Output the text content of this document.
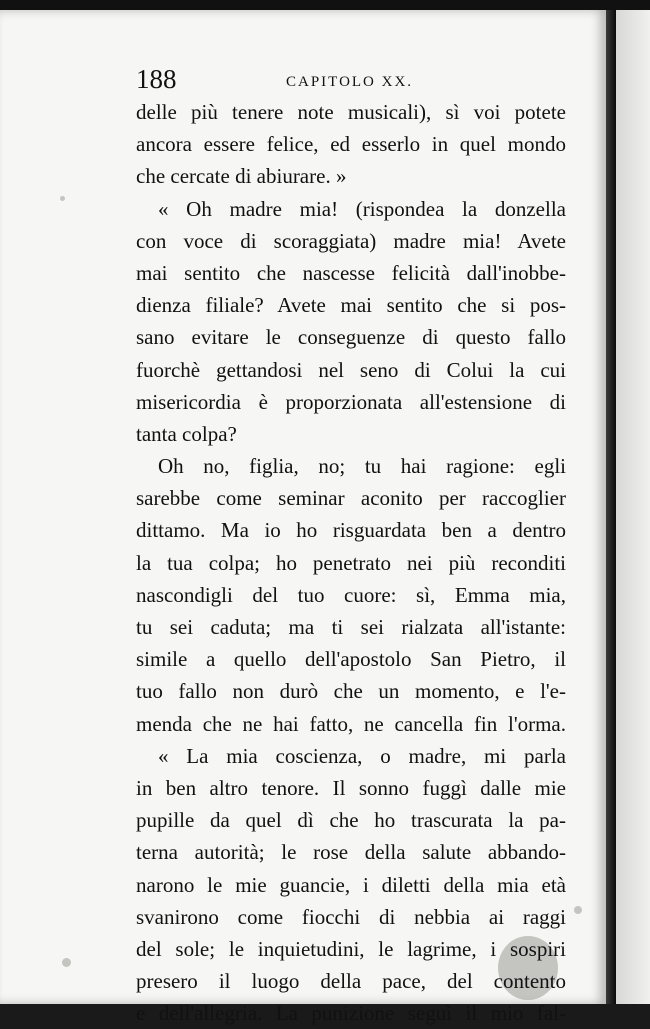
188	CAPITOLO XX.
delle più tenere note musicali), sì voi potete
ancora essere felice, ed esserlo in quel mondo
che cercate di abiurare. »
« Oh madre mia! (rispondea la donzella
con voce di scoraggiata) madre mia! Avete
mai sentito che nascesse felicità dall'inobbe-
dienza filiale? Avete mai sentito che si pos-
sano evitare le conseguenze di questo fallo
fuorchè gettandosi nel seno di Colui la cui
misericordia è proporzionata all'estensione di
tanta colpa?
Oh no, figlia, no; tu hai ragione: egli
sarebbe come seminar aconito per raccoglier
dittamo. Ma io ho risguardata ben a dentro
la tua colpa; ho penetrato nei più reconditi
nascondigli del tuo cuore: sì, Emma mia,
tu sei caduta; ma ti sei rialzata all'istante:
simile a quello dell'apostolo San Pietro, il
tuo fallo non durò che un momento, e l'e-
menda che ne hai fatto, ne cancella fin l'orma.
« La mia coscienza, o madre, mi parla
in ben altro tenore. Il sonno fuggì dalle mie
pupille da quel dì che ho trascurata la pa-
terna autorità; le rose della salute abbando-
narono le mie guancie, i diletti della mia età
svanirono come fiocchi di nebbia ai raggi
del sole; le inquietudini, le lagrime, i sospiri
presero il luogo della pace, del contento
e dell'allegria. La punizione seguì il mio fal-
